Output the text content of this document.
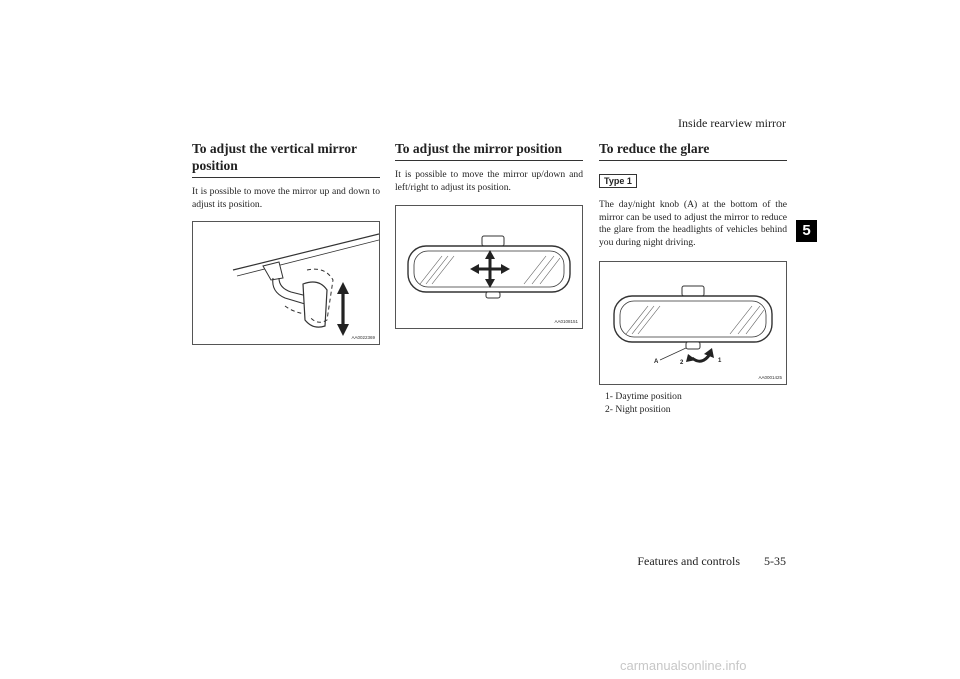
Inside rearview mirror
5
To adjust the vertical mirror position
It is possible to move the mirror up and down to adjust its position.
AA0022369
To adjust the mirror position
It is possible to move the mirror up/down and left/right to adjust its position.
AA0108151
To reduce the glare
Type 1
The day/night knob (A) at the bottom of the mirror can be used to adjust the mirror to reduce the glare from the headlights of vehicles behind you during night driving.
A	2	1
AA0001425
1- Daytime position
2- Night position
Features and controls 5-35
carmanualsonline.info
